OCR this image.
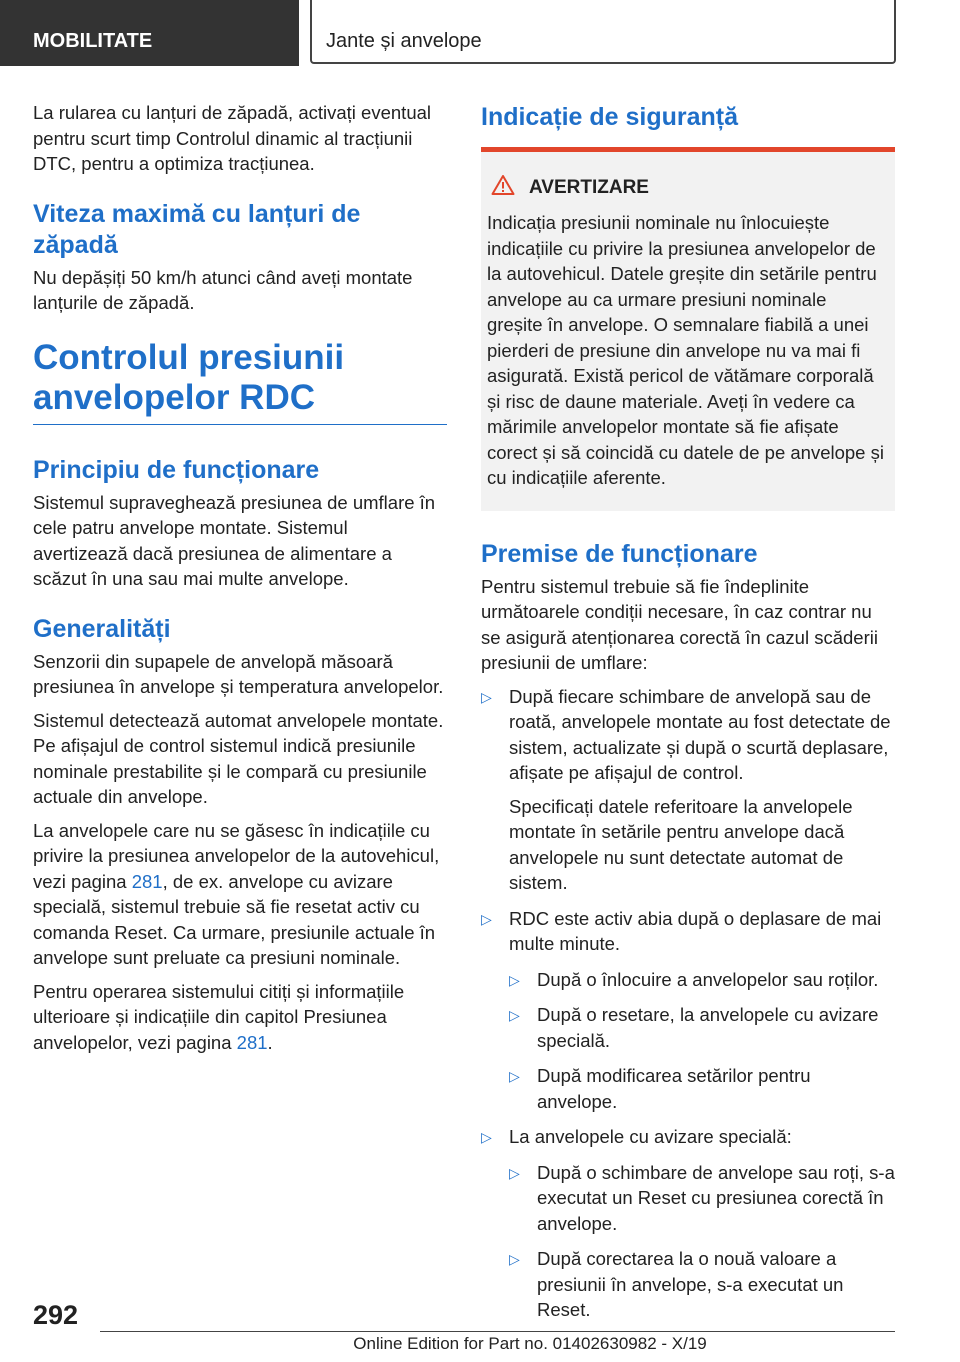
MOBILITATE	Jante și anvelope

La rularea cu lanțuri de zăpadă, activați eventual pentru scurt timp Controlul dinamic al tracțiunii DTC, pentru a optimiza tracțiunea.

Viteza maximă cu lanțuri de zăpadă

Nu depășiți 50 km/h atunci când aveți montate lanțurile de zăpadă.

Controlul presiunii anvelopelor RDC
Principiu de funcționare

Sistemul supraveghează presiunea de umflare în cele patru anvelope montate. Sistemul avertizează dacă presiunea de alimentare a scăzut în una sau mai multe anvelope.

Generalități

Senzorii din supapele de anvelopă măsoară presiunea în anvelope și temperatura anvelopelor.

Sistemul detectează automat anvelopele montate. Pe afișajul de control sistemul indică presiunile nominale prestabilite și le compară cu presiunile actuale din anvelope.

La anvelopele care nu se găsesc în indicațiile cu privire la presiunea anvelopelor de la autovehicul, vezi pagina 281, de ex. anvelope cu avizare specială, sistemul trebuie să fie resetat activ cu comanda Reset. Ca urmare, presiunile actuale în anvelope sunt preluate ca presiuni nominale.

Pentru operarea sistemului citiți și informațiile ulterioare și indicațiile din capitol Presiunea anvelopelor, vezi pagina 281.

Indicație de siguranță
AVERTIZARE

Indicația presiunii nominale nu înlocuiește indicațiile cu privire la presiunea anvelopelor de la autovehicul. Datele greșite din setările pentru anvelope au ca urmare presiuni nominale greșite în anvelope. O semnalare fiabilă a unei pierderi de presiune din anvelope nu va mai fi asigurată. Există pericol de vătămare corporală și risc de daune materiale. Aveți în vedere ca mărimile anvelopelor montate să fie afișate corect și să coincidă cu datele de pe anvelope și cu indicațiile aferente.

Premise de funcționare

Pentru sistemul trebuie să fie îndeplinite următoarele condiții necesare, în caz contrar nu se asigură atenționarea corectă în cazul scăderii presiunii de umflare:

▷ După fiecare schimbare de anvelopă sau de roată, anvelopele montate au fost detectate de sistem, actualizate și după o scurtă deplasare, afișate pe afișajul de control.

Specificați datele referitoare la anvelopele montate în setările pentru anvelope dacă anvelopele nu sunt detectate automat de sistem.

▷ RDC este activ abia după o deplasare de mai multe minute.
▷ După o înlocuire a anvelopelor sau roților.
▷ După o resetare, la anvelopele cu avizare specială.
▷ După modificarea setărilor pentru anvelope.
▷ La anvelopele cu avizare specială:
▷ După o schimbare de anvelope sau roți, s-a executat un Reset cu presiunea corectă în anvelope.
▷ După corectarea la o nouă valoare a presiunii în anvelope, s-a executat un Reset.
292
Online Edition for Part no. 01402630982 - X/19
